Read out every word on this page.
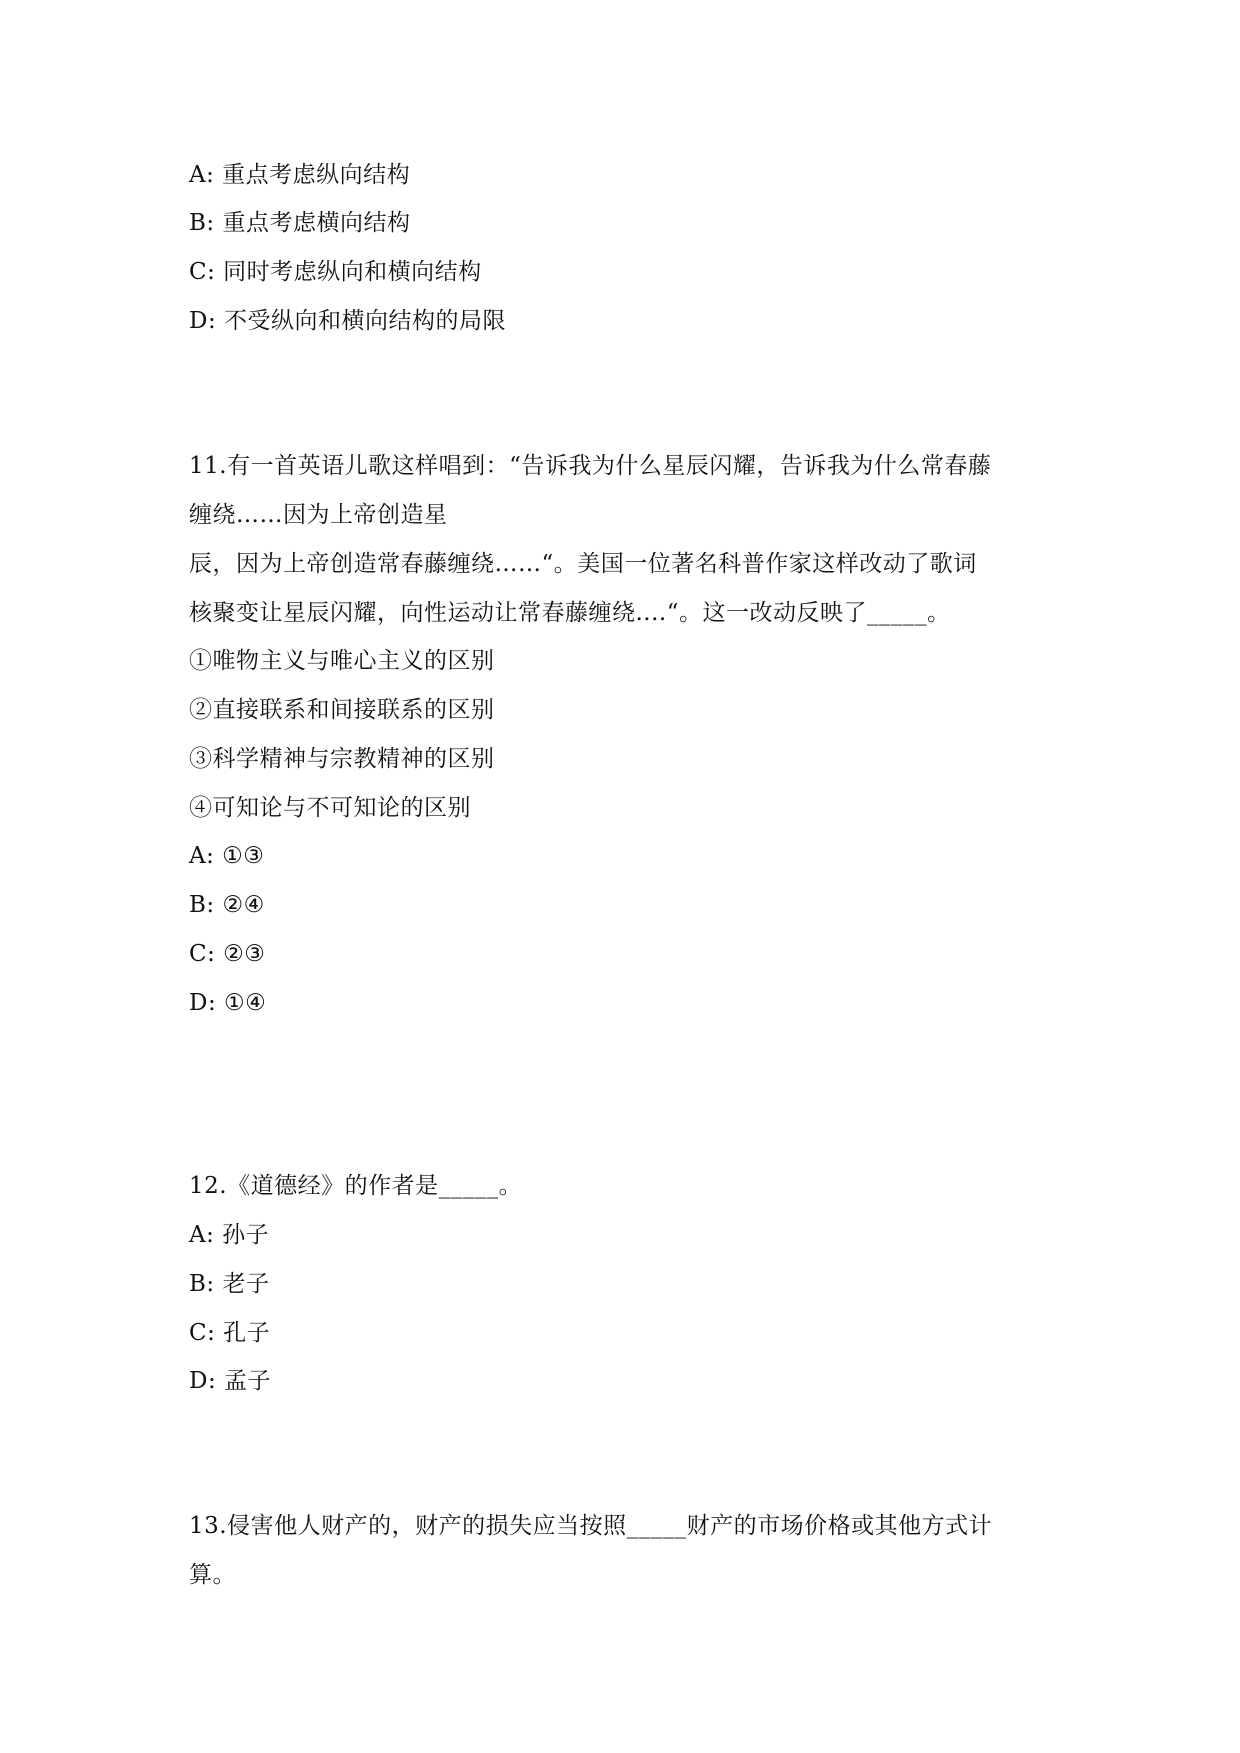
A: 重点考虑纵向结构
B: 重点考虑横向结构
C: 同时考虑纵向和横向结构
D: 不受纵向和横向结构的局限
11.有一首英语儿歌这样唱到：“告诉我为什么星辰闪耀，告诉我为什么常春藤
缠绕……因为上帝创造星
辰，因为上帝创造常春藤缠绕……“。美国一位著名科普作家这样改动了歌词
核聚变让星辰闪耀，向性运动让常春藤缠绕....“。这一改动反映了_____。
①唯物主义与唯心主义的区别
②直接联系和间接联系的区别
③科学精神与宗教精神的区别
④可知论与不可知论的区别
A: ①③
B: ②④
C: ②③
D: ①④
12.《道德经》的作者是_____。
A: 孙子
B: 老子
C: 孔子
D: 孟子
13.侵害他人财产的，财产的损失应当按照_____财产的市场价格或其他方式计
算。
